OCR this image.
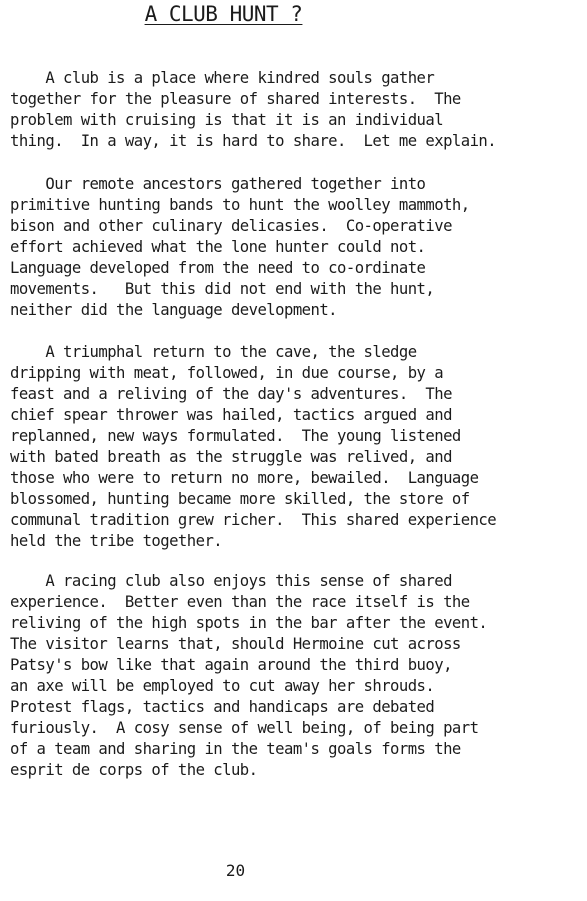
A CLUB HUNT ?
A club is a place where kindred souls gather
together for the pleasure of shared interests.  The
problem with cruising is that it is an individual
thing.  In a way, it is hard to share.  Let me explain.
Our remote ancestors gathered together into
primitive hunting bands to hunt the woolley mammoth,
bison and other culinary delicasies.  Co-operative
effort achieved what the lone hunter could not.
Language developed from the need to co-ordinate
movements.   But this did not end with the hunt,
neither did the language development.
A triumphal return to the cave, the sledge
dripping with meat, followed, in due course, by a
feast and a reliving of the day's adventures.  The
chief spear thrower was hailed, tactics argued and
replanned, new ways formulated.  The young listened
with bated breath as the struggle was relived, and
those who were to return no more, bewailed.  Language
blossomed, hunting became more skilled, the store of
communal tradition grew richer.  This shared experience
held the tribe together.
A racing club also enjoys this sense of shared
experience.  Better even than the race itself is the
reliving of the high spots in the bar after the event.
The visitor learns that, should Hermoine cut across
Patsy's bow like that again around the third buoy,
an axe will be employed to cut away her shrouds.
Protest flags, tactics and handicaps are debated
furiously.  A cosy sense of well being, of being part
of a team and sharing in the team's goals forms the
esprit de corps of the club.
20
